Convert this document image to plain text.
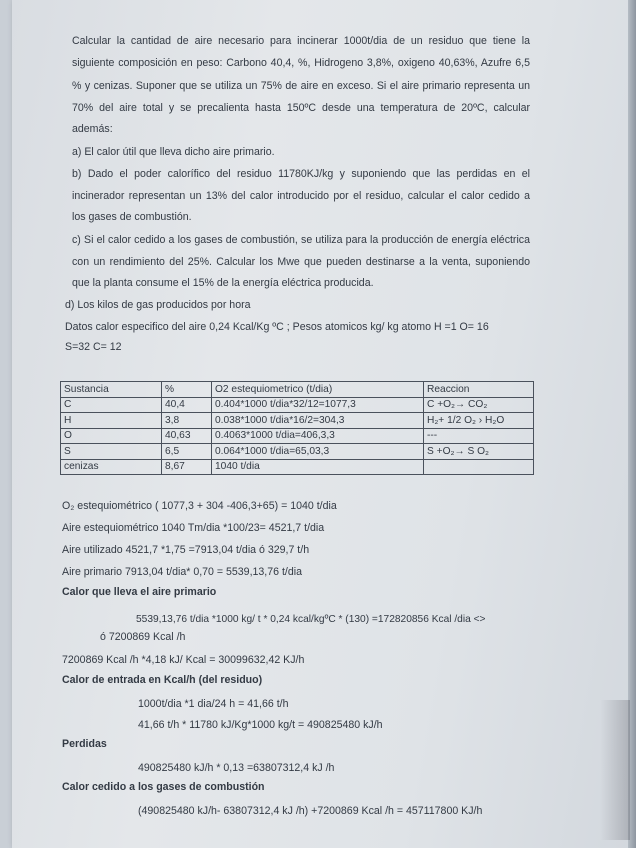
Calcular la cantidad de aire necesario para incinerar 1000t/dia de un residuo que tiene la
siguiente composición en peso: Carbono 40,4, %, Hidrogeno 3,8%, oxigeno 40,63%, Azufre 6,5
% y cenizas. Suponer que se utiliza un 75% de aire en exceso. Si el aire primario representa un
70% del aire total y se precalienta hasta 150ºC desde una temperatura de 20ºC, calcular
además:
a) El calor útil que lleva dicho aire primario.
b) Dado el poder calorífico del residuo 11780KJ/kg y suponiendo que las perdidas en el
incinerador representan un 13% del calor introducido por el residuo, calcular el calor cedido a
los gases de combustión.
c) Si el calor cedido a los gases de combustión, se utiliza para la producción de energía eléctrica
con un rendimiento del 25%. Calcular los Mwe que pueden destinarse a la venta, suponiendo
que la planta consume el 15% de la energía eléctrica producida.
d) Los kilos de gas producidos por hora
Datos calor especifico del aire 0,24 Kcal/Kg ºC ; Pesos atomicos kg/ kg atomo H =1 O= 16
S=32 C= 12
Sustancia	%	O2 estequiometrico (t/dia)	Reaccion
C	40,4	0.404*1000 t/dia*32/12=1077,3	C +O₂→ CO₂
H	3,8	0.038*1000 t/dia*16/2=304,3	H₂+ 1/2 O₂ › H₂O
O	40,63	0.4063*1000 t/dia=406,3,3	---
S	6,5	0.064*1000 t/dia=65,03,3	S +O₂→ S O₂
cenizas	8,67	1040 t/dia	
O₂ estequiométrico ( 1077,3 + 304 -406,3+65) = 1040 t/dia
Aire estequiométrico 1040 Tm/dia *100/23= 4521,7 t/dia
Aire utilizado 4521,7 *1,75 =7913,04 t/dia ó 329,7 t/h
Aire primario 7913,04 t/dia* 0,70 = 5539,13,76 t/dia
Calor que lleva el aire primario
5539,13,76 t/dia *1000 kg/ t * 0,24 kcal/kgºC * (130) =172820856 Kcal /dia <>
ó 7200869 Kcal /h
7200869 Kcal /h *4,18 kJ/ Kcal = 30099632,42 KJ/h
Calor de entrada en Kcal/h (del residuo)
1000t/dia *1 dia/24 h = 41,66 t/h
41,66 t/h * 11780 kJ/Kg*1000 kg/t = 490825480 kJ/h
Perdidas
490825480 kJ/h * 0,13 =63807312,4 kJ /h
Calor cedido a los gases de combustión
(490825480 kJ/h- 63807312,4 kJ /h) +7200869 Kcal /h = 457117800 KJ/h
